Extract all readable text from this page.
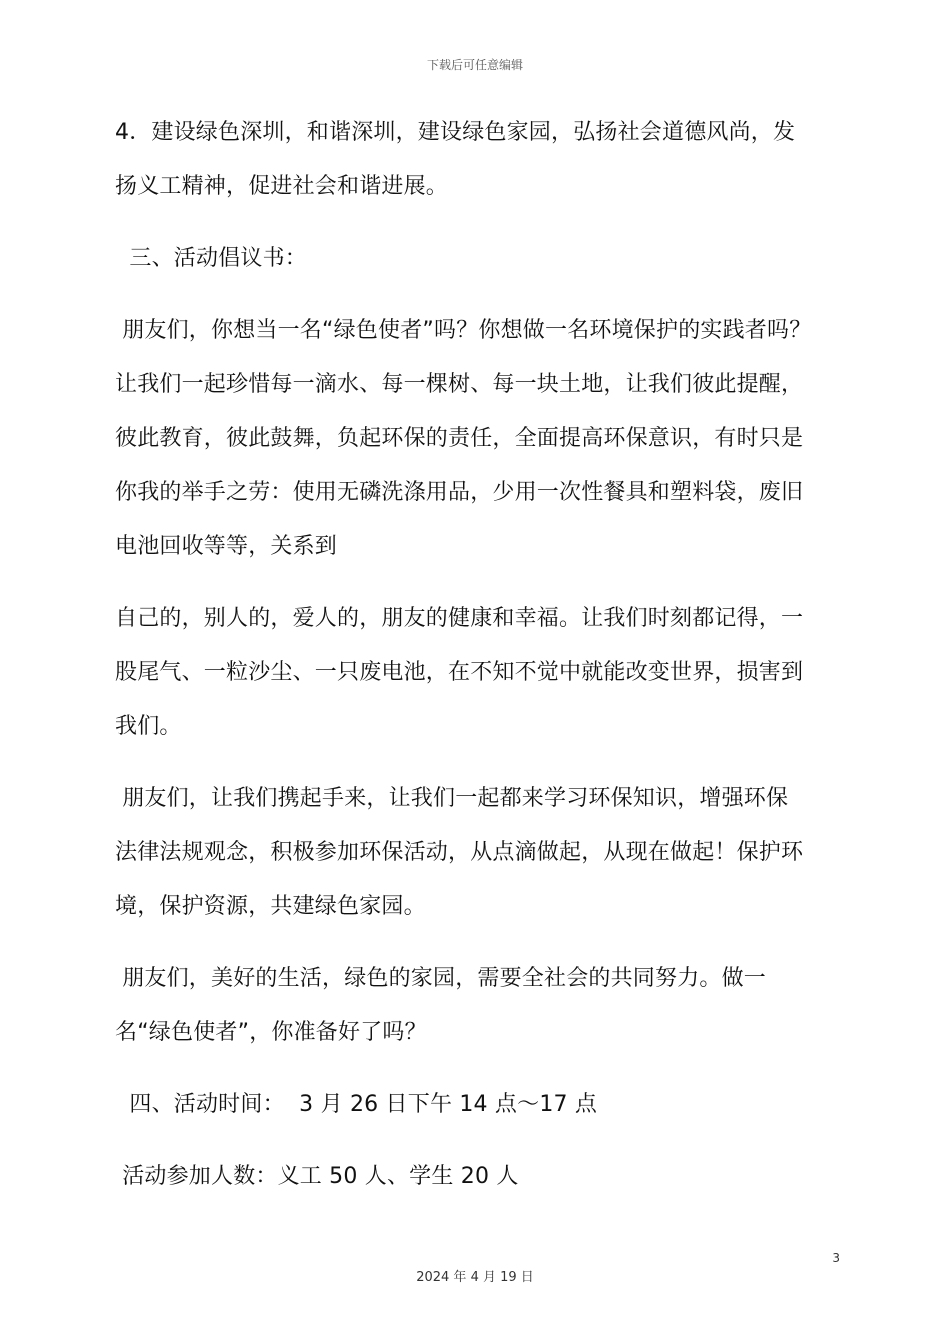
下载后可任意编辑

4．建设绿色深圳，和谐深圳，建设绿色家园，弘扬社会道德风尚，发
扬义工精神，促进社会和谐进展。

三、活动倡议书：

朋友们，你想当一名“绿色使者”吗？你想做一名环境保护的实践者吗？
让我们一起珍惜每一滴水、每一棵树、每一块土地，让我们彼此提醒，
彼此教育，彼此鼓舞，负起环保的责任，全面提高环保意识，有时只是
你我的举手之劳：使用无磷洗涤用品，少用一次性餐具和塑料袋，废旧
电池回收等等，关系到

自己的，别人的，爱人的，朋友的健康和幸福。让我们时刻都记得，一
股尾气、一粒沙尘、一只废电池，在不知不觉中就能改变世界，损害到
我们。

朋友们，让我们携起手来，让我们一起都来学习环保知识，增强环保
法律法规观念，积极参加环保活动，从点滴做起，从现在做起！保护环
境，保护资源，共建绿色家园。

朋友们，美好的生活，绿色的家园，需要全社会的共同努力。做一
名“绿色使者”，你准备好了吗？

四、活动时间：  3 月 26 日下午 14 点～17 点

活动参加人数：义工 50 人、学生 20 人

3
2024 年 4 月 19 日
